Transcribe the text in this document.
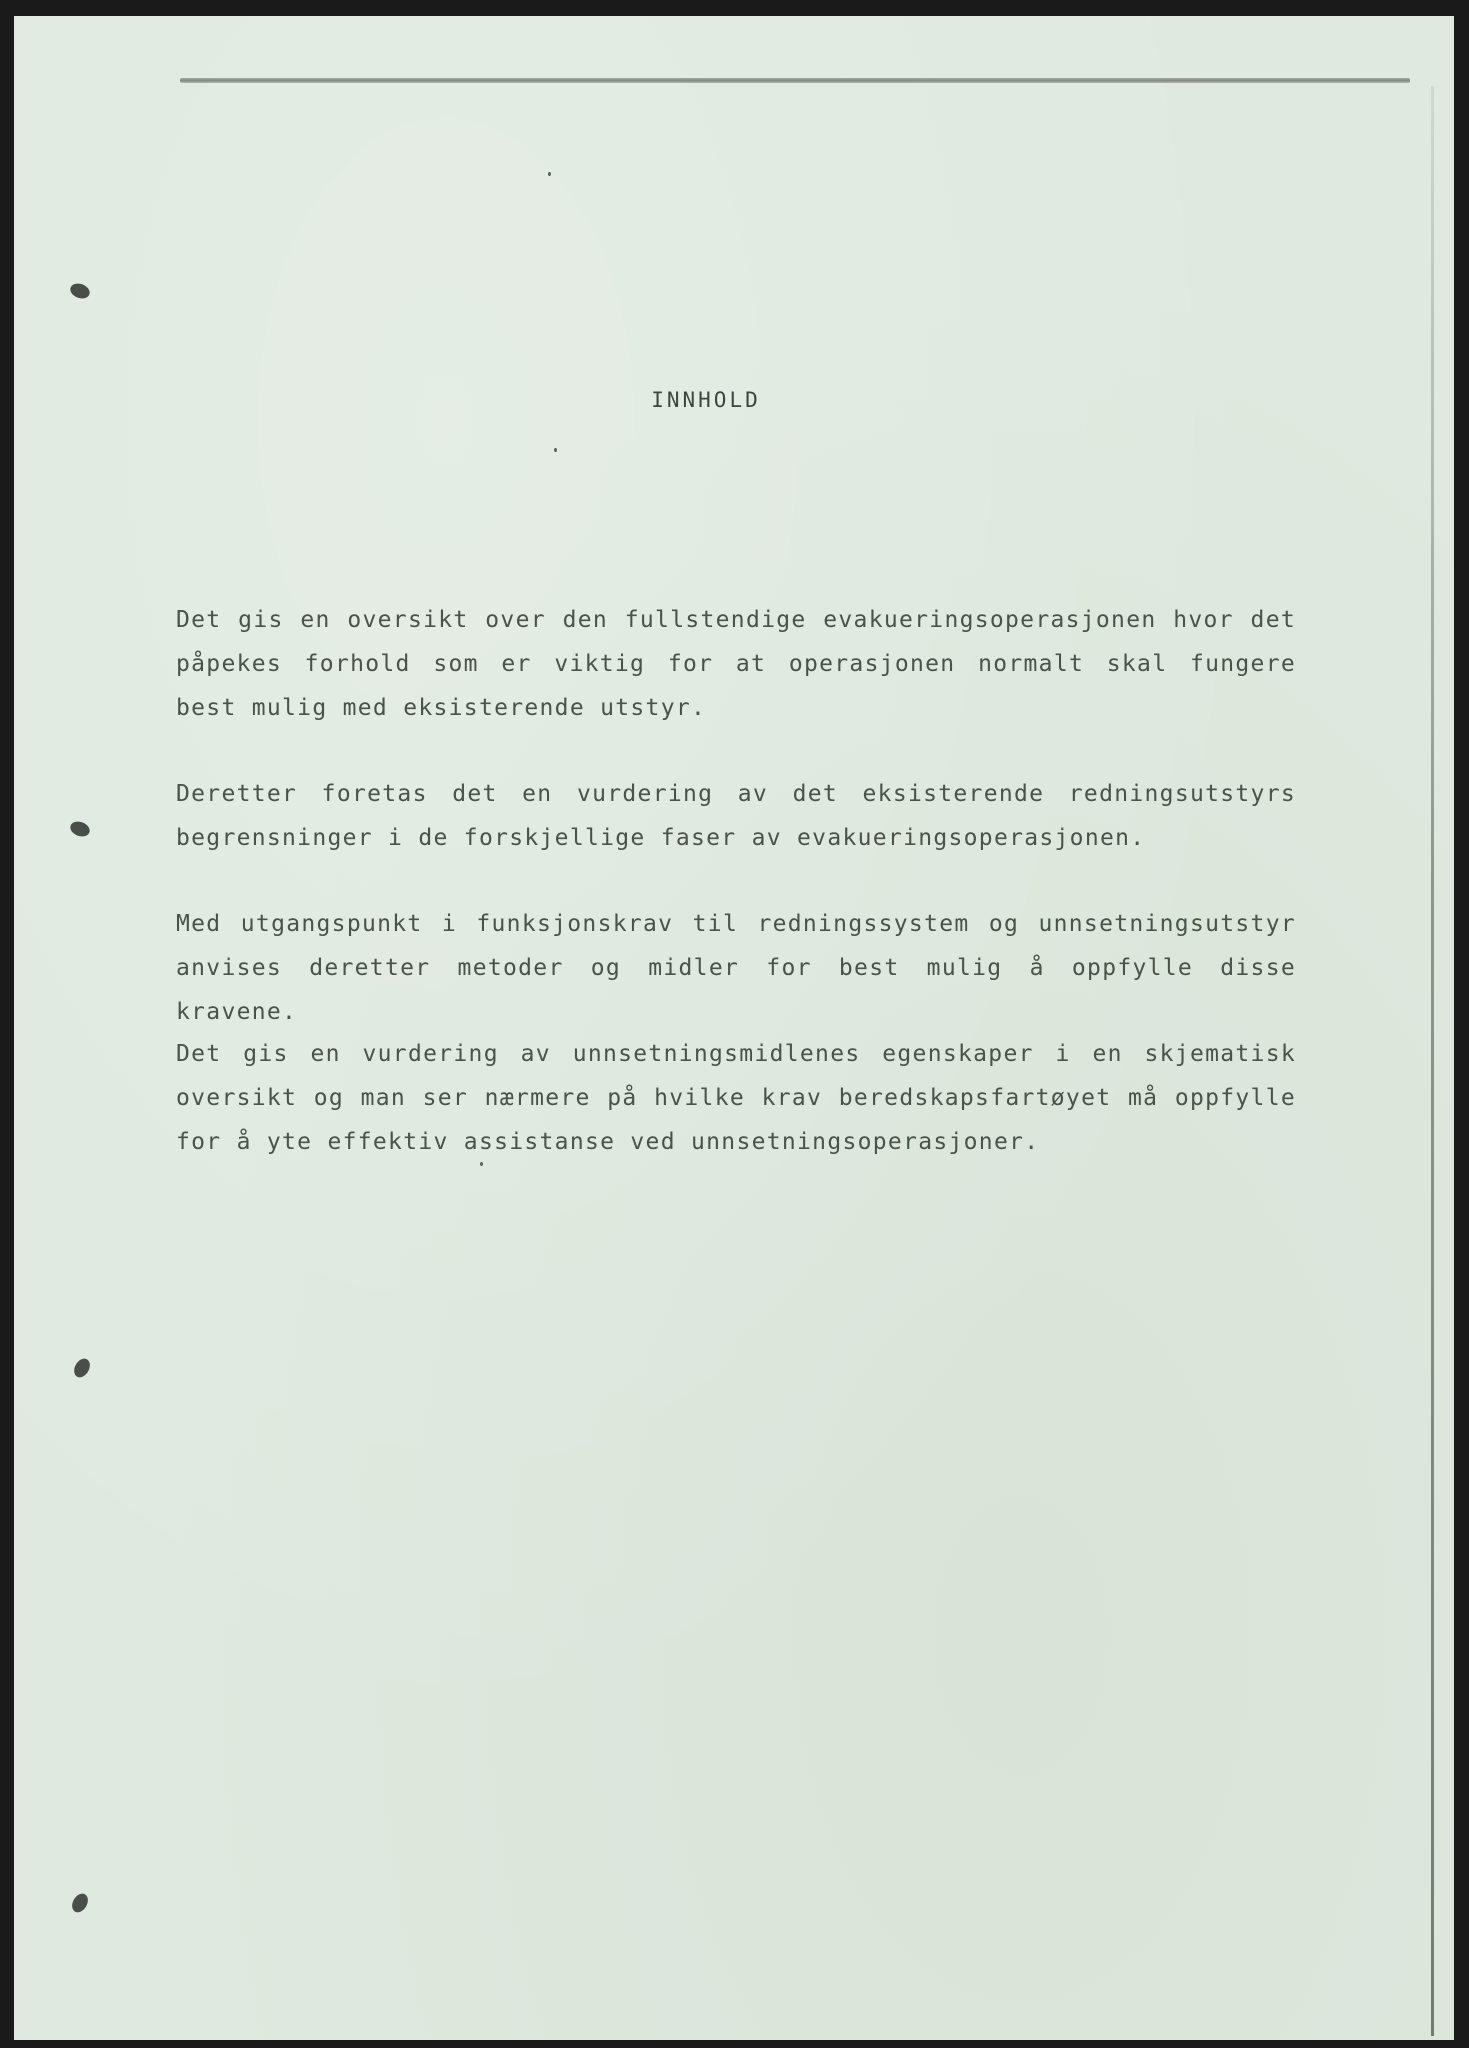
INNHOLD

Det gis en oversikt over den fullstendige evakueringsoperasjonen hvor det påpekes forhold som er viktig for at operasjonen normalt skal fungere best mulig med eksisterende utstyr.

Deretter foretas det en vurdering av det eksisterende redningsutstyrs begrensninger i de forskjellige faser av evakueringsoperasjonen.

Med utgangspunkt i funksjonskrav til redningssystem og unnsetningsutstyr anvises deretter metoder og midler for best mulig å oppfylle disse kravene.

Det gis en vurdering av unnsetningsmidlenes egenskaper i en skjematisk oversikt og man ser nærmere på hvilke krav beredskapsfartøyet må oppfylle for å yte effektiv assistanse ved unnsetningsoperasjoner.
